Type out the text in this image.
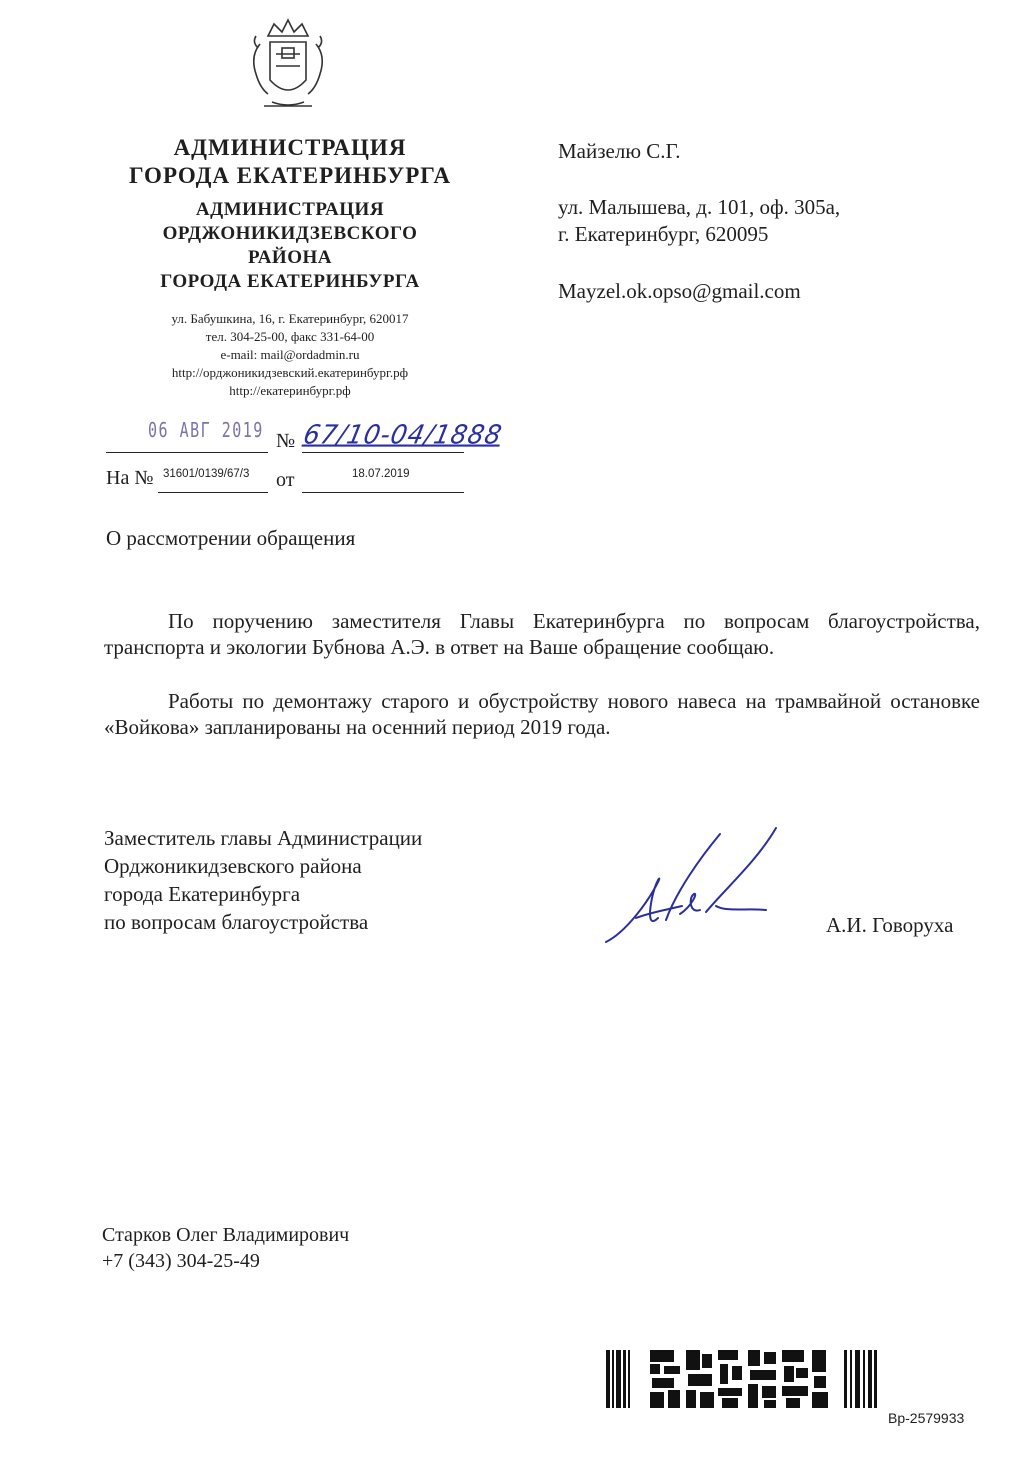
АДМИНИСТРАЦИЯ
ГОРОДА ЕКАТЕРИНБУРГА
АДМИНИСТРАЦИЯ
ОРДЖОНИКИДЗЕВСКОГО
РАЙОНА
ГОРОДА ЕКАТЕРИНБУРГА
ул. Бабушкина, 16, г. Екатеринбург, 620017
тел. 304-25-00, факс 331-64-00
e-mail: mail@ordadmin.ru
http://орджоникидзевский.екатеринбург.рф
http://екатеринбург.рф
Майзелю С.Г.
ул. Малышева, д. 101, оф. 305а,
г. Екатеринбург, 620095
Mayzel.ok.opso@gmail.com
06 АВГ 2019 № 67/10-04/1888
На № 31601/0139/67/3 от	18.07.2019
О рассмотрении обращения
По поручению заместителя Главы Екатеринбурга по вопросам благоустройства, транспорта и экологии Бубнова А.Э. в ответ на Ваше обращение сообщаю.
Работы по демонтажу старого и обустройству нового навеса на трамвайной остановке «Войкова» запланированы на осенний период 2019 года.
Заместитель главы Администрации
Орджоникидзевского района
города Екатеринбурга
по вопросам благоустройства	А.И. Говоруха
Старков Олег Владимирович
+7 (343) 304-25-49
Вр-2579933
